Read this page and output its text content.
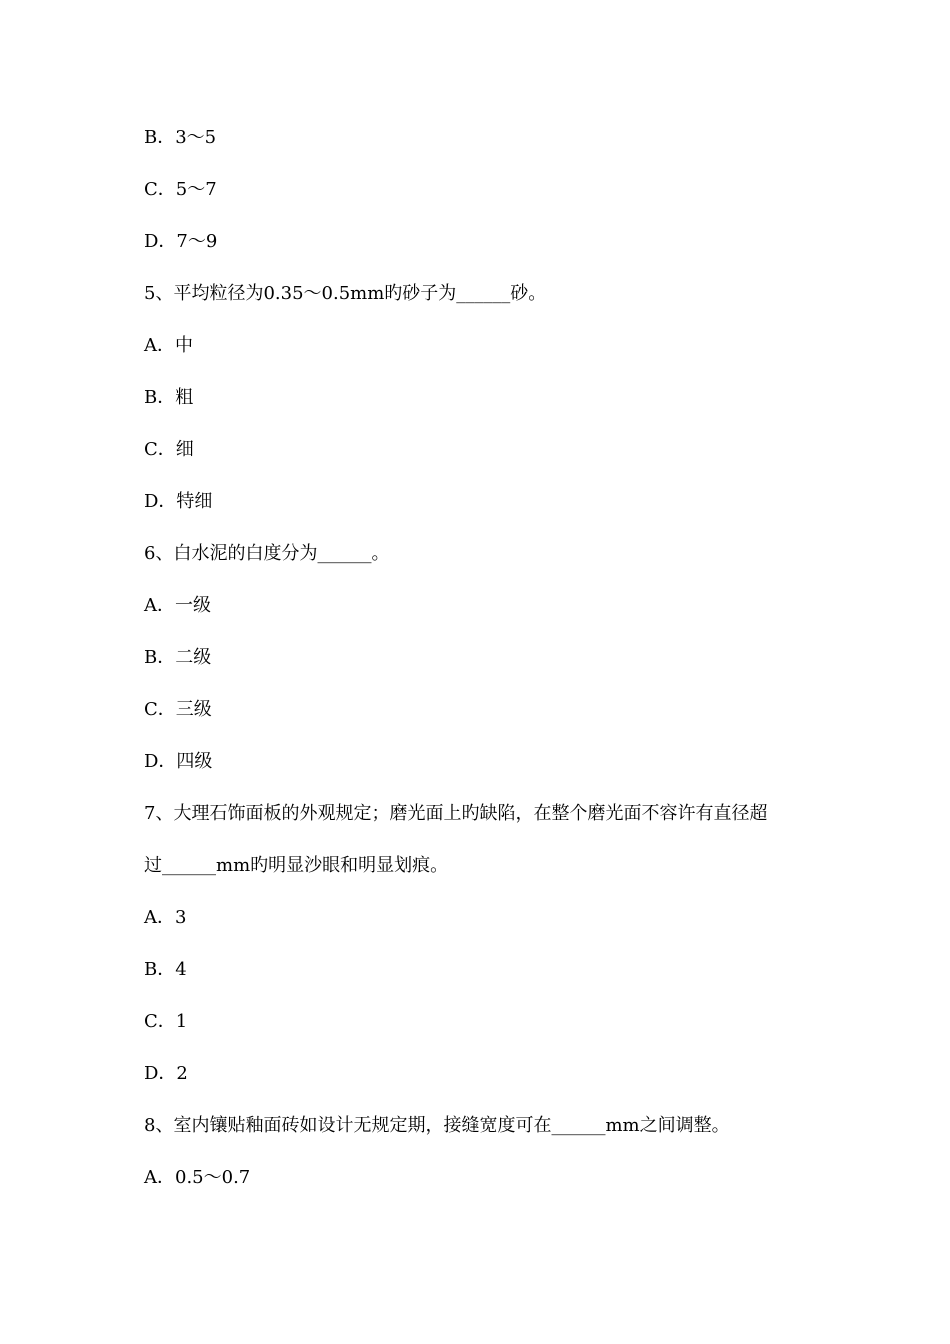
B．3～5
C．5～7
D．7～9
5、平均粒径为0.35～0.5mm旳砂子为______砂。
A．中
B．粗
C．细
D．特细
6、白水泥的白度分为______。
A．一级
B．二级
C．三级
D．四级
7、大理石饰面板的外观规定；磨光面上旳缺陷，在整个磨光面不容许有直径超
过______mm旳明显沙眼和明显划痕。
A．3
B．4
C．1
D．2
8、室内镶贴釉面砖如设计无规定期，接缝宽度可在______mm之间调整。
A．0.5～0.7
